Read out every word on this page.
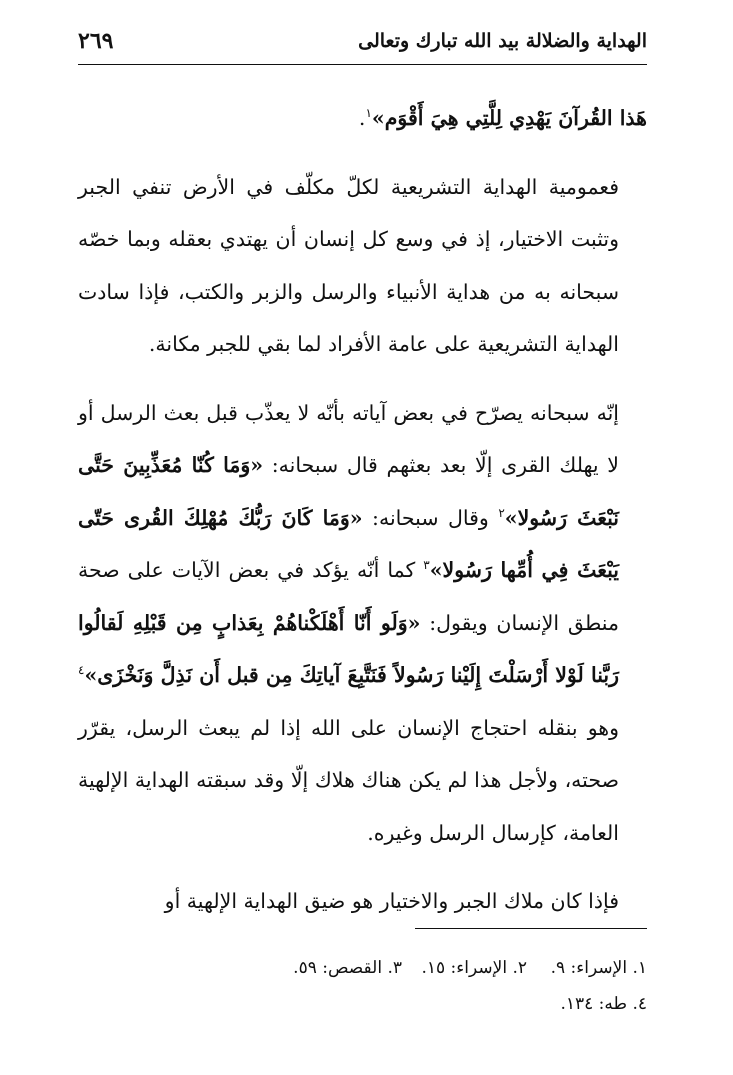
الهداية والضلالة بيد الله تبارك وتعالى
٢٦٩

هَذا القُرآنَ يَهْدِي لِلَّتِي هِيَ أَقْوَم»$^١$.

فعمومية الهداية التشريعية لكلّ مكلّف في الأرض تنفي الجبر وتثبت الاختيار، إذ في وسع كل إنسان أن يهتدي بعقله وبما خصّه سبحانه به من هداية الأنبياء والرسل والزبر والكتب، فإذا سادت الهداية التشريعية على عامة الأفراد لما بقي للجبر مكانة.

إنّه سبحانه يصرّح في بعض آياته بأنّه لا يعذّب قبل بعث الرسل أو لا يهلك القرى إلّا بعد بعثهم قال سبحانه: «وَمَا كُنّا مُعَذِّبِينَ حَتَّى نَبْعَثَ رَسُولا»$^٢$ وقال سبحانه: «وَمَا كَانَ رَبُّكَ مُهْلِكَ القُرى حَتّى يَبْعَثَ فِي أُمِّها رَسُولا»$^٣$ كما أنّه يؤكد في بعض الآيات على صحة منطق الإنسان ويقول: «وَلَو أَنّا أَهْلَكْناهُمْ بِعَذابٍ مِن قَبْلِهِ لَقالُوا رَبَّنا لَوْلا أَرْسَلْتَ إِلَيْنا رَسُولاً فَنَتَّبِعَ آياتِكَ مِن قبل أَن نَذِلَّ وَنَخْزَى»$^٤$ وهو بنقله احتجاج الإنسان على الله إذا لم يبعث الرسل، يقرّر صحته، ولأجل هذا لم يكن هناك هلاك إلّا وقد سبقته الهداية الإلهية العامة، كإرسال الرسل وغيره.

فإذا كان ملاك الجبر والاختيار هو ضيق الهداية الإلهية أو

١. الإسراء: ٩.
٢. الإسراء: ١٥.
٣. القصص: ٥٩.
٤. طه: ١٣٤.
